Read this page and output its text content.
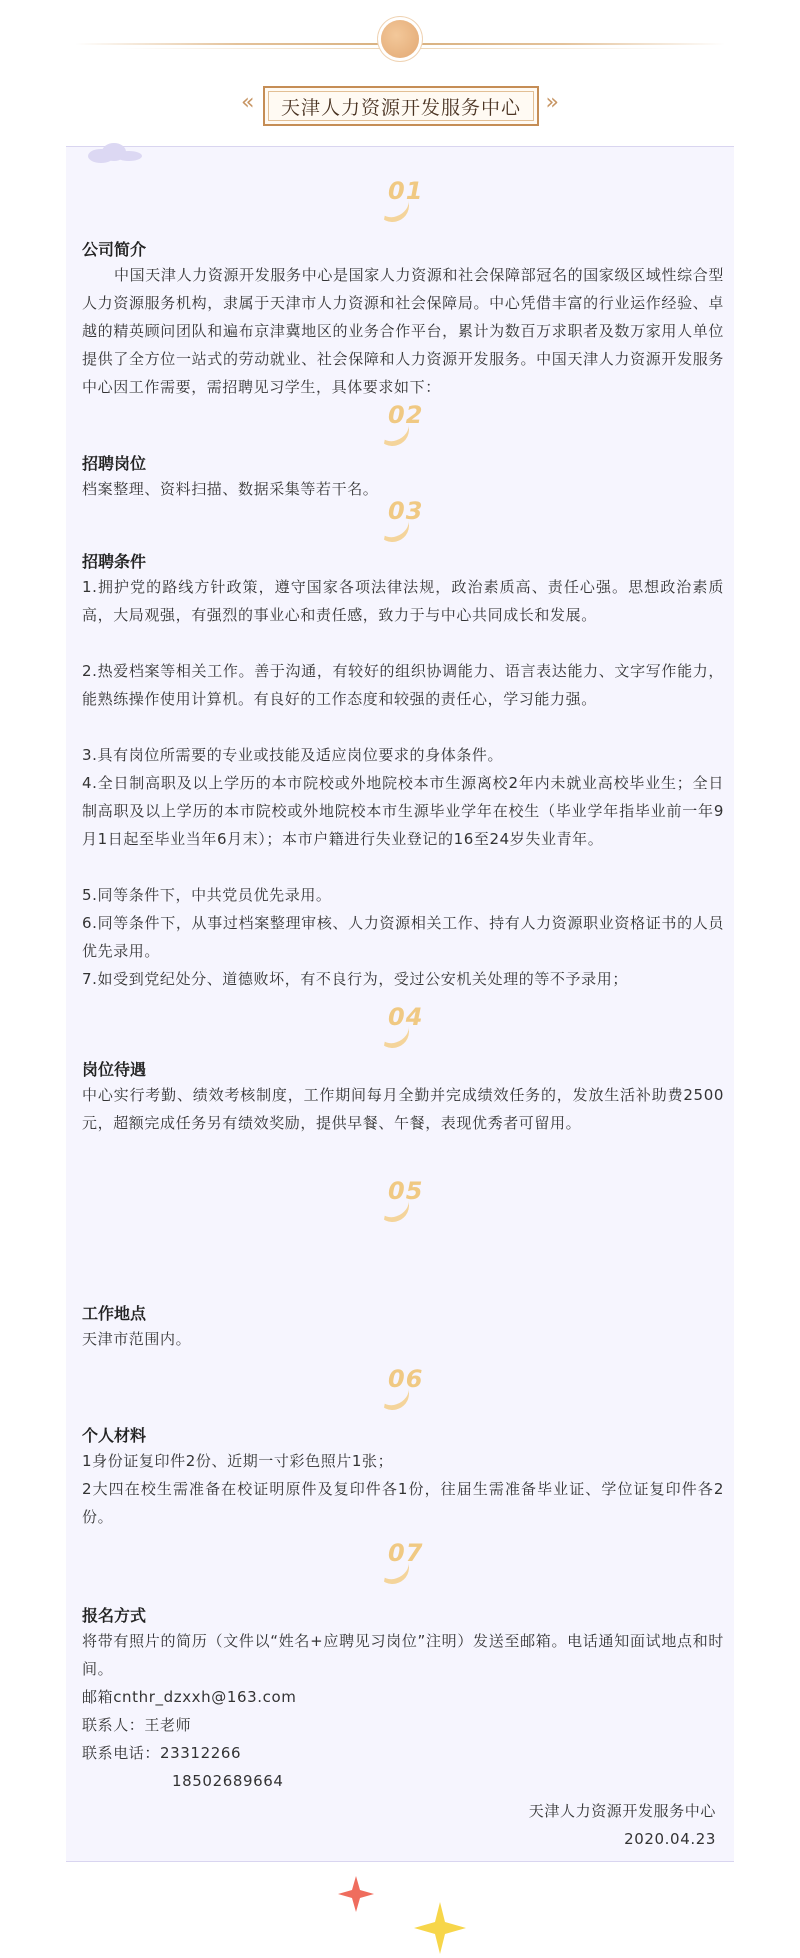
« 天津人力资源开发服务中心 »
01
公司简介

中国天津人力资源开发服务中心是国家人力资源和社会保障部冠名的国家级区域性综合型人力资源服务机构，隶属于天津市人力资源和社会保障局。中心凭借丰富的行业运作经验、卓越的精英顾问团队和遍布京津冀地区的业务合作平台，累计为数百万求职者及数万家用人单位提供了全方位一站式的劳动就业、社会保障和人力资源开发服务。中国天津人力资源开发服务中心因工作需要，需招聘见习学生，具体要求如下：

02
招聘岗位

档案整理、资料扫描、数据采集等若干名。

03
招聘条件

1.拥护党的路线方针政策，遵守国家各项法律法规，政治素质高、责任心强。思想政治素质高，大局观强，有强烈的事业心和责任感，致力于与中心共同成长和发展。

2.热爱档案等相关工作。善于沟通，有较好的组织协调能力、语言表达能力、文字写作能力，能熟练操作使用计算机。有良好的工作态度和较强的责任心，学习能力强。

3.具有岗位所需要的专业或技能及适应岗位要求的身体条件。

4.全日制高职及以上学历的本市院校或外地院校本市生源离校2年内未就业高校毕业生；全日制高职及以上学历的本市院校或外地院校本市生源毕业学年在校生（毕业学年指毕业前一年9月1日起至毕业当年6月末）；本市户籍进行失业登记的16至24岁失业青年。

5.同等条件下，中共党员优先录用。

6.同等条件下，从事过档案整理审核、人力资源相关工作、持有人力资源职业资格证书的人员优先录用。

7.如受到党纪处分、道德败坏，有不良行为，受过公安机关处理的等不予录用；

04
岗位待遇

中心实行考勤、绩效考核制度，工作期间每月全勤并完成绩效任务的，发放生活补助费2500元，超额完成任务另有绩效奖励，提供早餐、午餐，表现优秀者可留用。

05
工作地点

天津市范围内。

06
个人材料

1身份证复印件2份、近期一寸彩色照片1张；

2大四在校生需准备在校证明原件及复印件各1份，往届生需准备毕业证、学位证复印件各2份。

07
报名方式

将带有照片的简历（文件以“姓名+应聘见习岗位”注明）发送至邮箱。电话通知面试地点和时间。

邮箱cnthr_dzxxh@163.com
联系人：王老师
联系电话：23312266
18502689664
天津人力资源开发服务中心
2020.04.23
